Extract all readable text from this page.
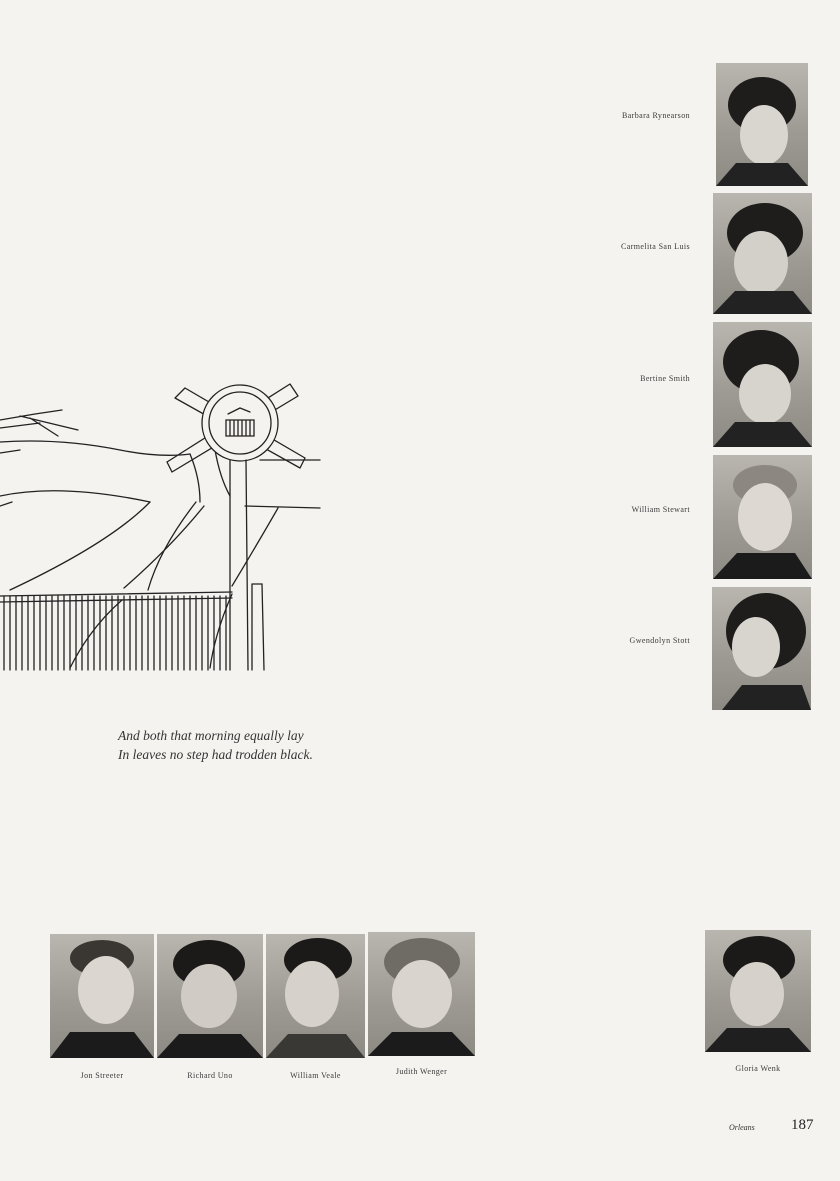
Barbara Rynearson
Carmelita San Luis
Bertine Smith
William Stewart
Gwendolyn Stott
And both that morning equally lay
In leaves no step had trodden black.
Jon Streeter	Richard Uno	William Veale	Judith Wenger	Gloria Wenk
Orleans 187
